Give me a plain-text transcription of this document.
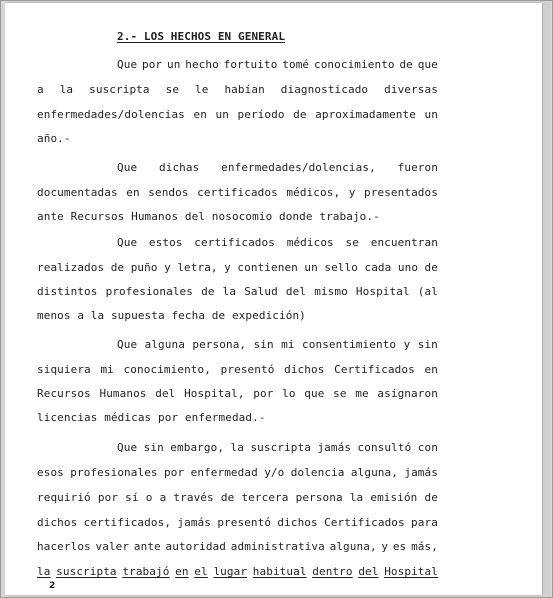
2.- LOS HECHOS EN GENERAL
Que por un hecho fortuito tomé conocimiento de que
a la suscripta se le habían diagnosticado diversas
enfermedades/dolencias en un período de aproximadamente un
año.-
Que dichas enfermedades/dolencias, fueron
documentadas en sendos certificados médicos, y presentados
ante Recursos Humanos del nosocomio donde trabajo.-
Que estos certificados médicos se encuentran
realizados de puño y letra, y contienen un sello cada uno de
distintos profesionales de la Salud del mismo Hospital (al
menos a la supuesta fecha de expedición)
Que alguna persona, sin mi consentimiento y sin
siquiera mi conocimiento, presentó dichos Certificados en
Recursos Humanos del Hospital, por lo que se me asignaron
licencias médicas por enfermedad.-
Que sin embargo, la suscripta jamás consultó con
esos profesionales por enfermedad y/o dolencia alguna, jamás
requirió por sí o a través de tercera persona la emisión de
dichos certificados, jamás presentó dichos Certificados para
hacerlos valer ante autoridad administrativa alguna, y es más,
la suscripta trabajó en el lugar habitual dentro del Hospital
2
